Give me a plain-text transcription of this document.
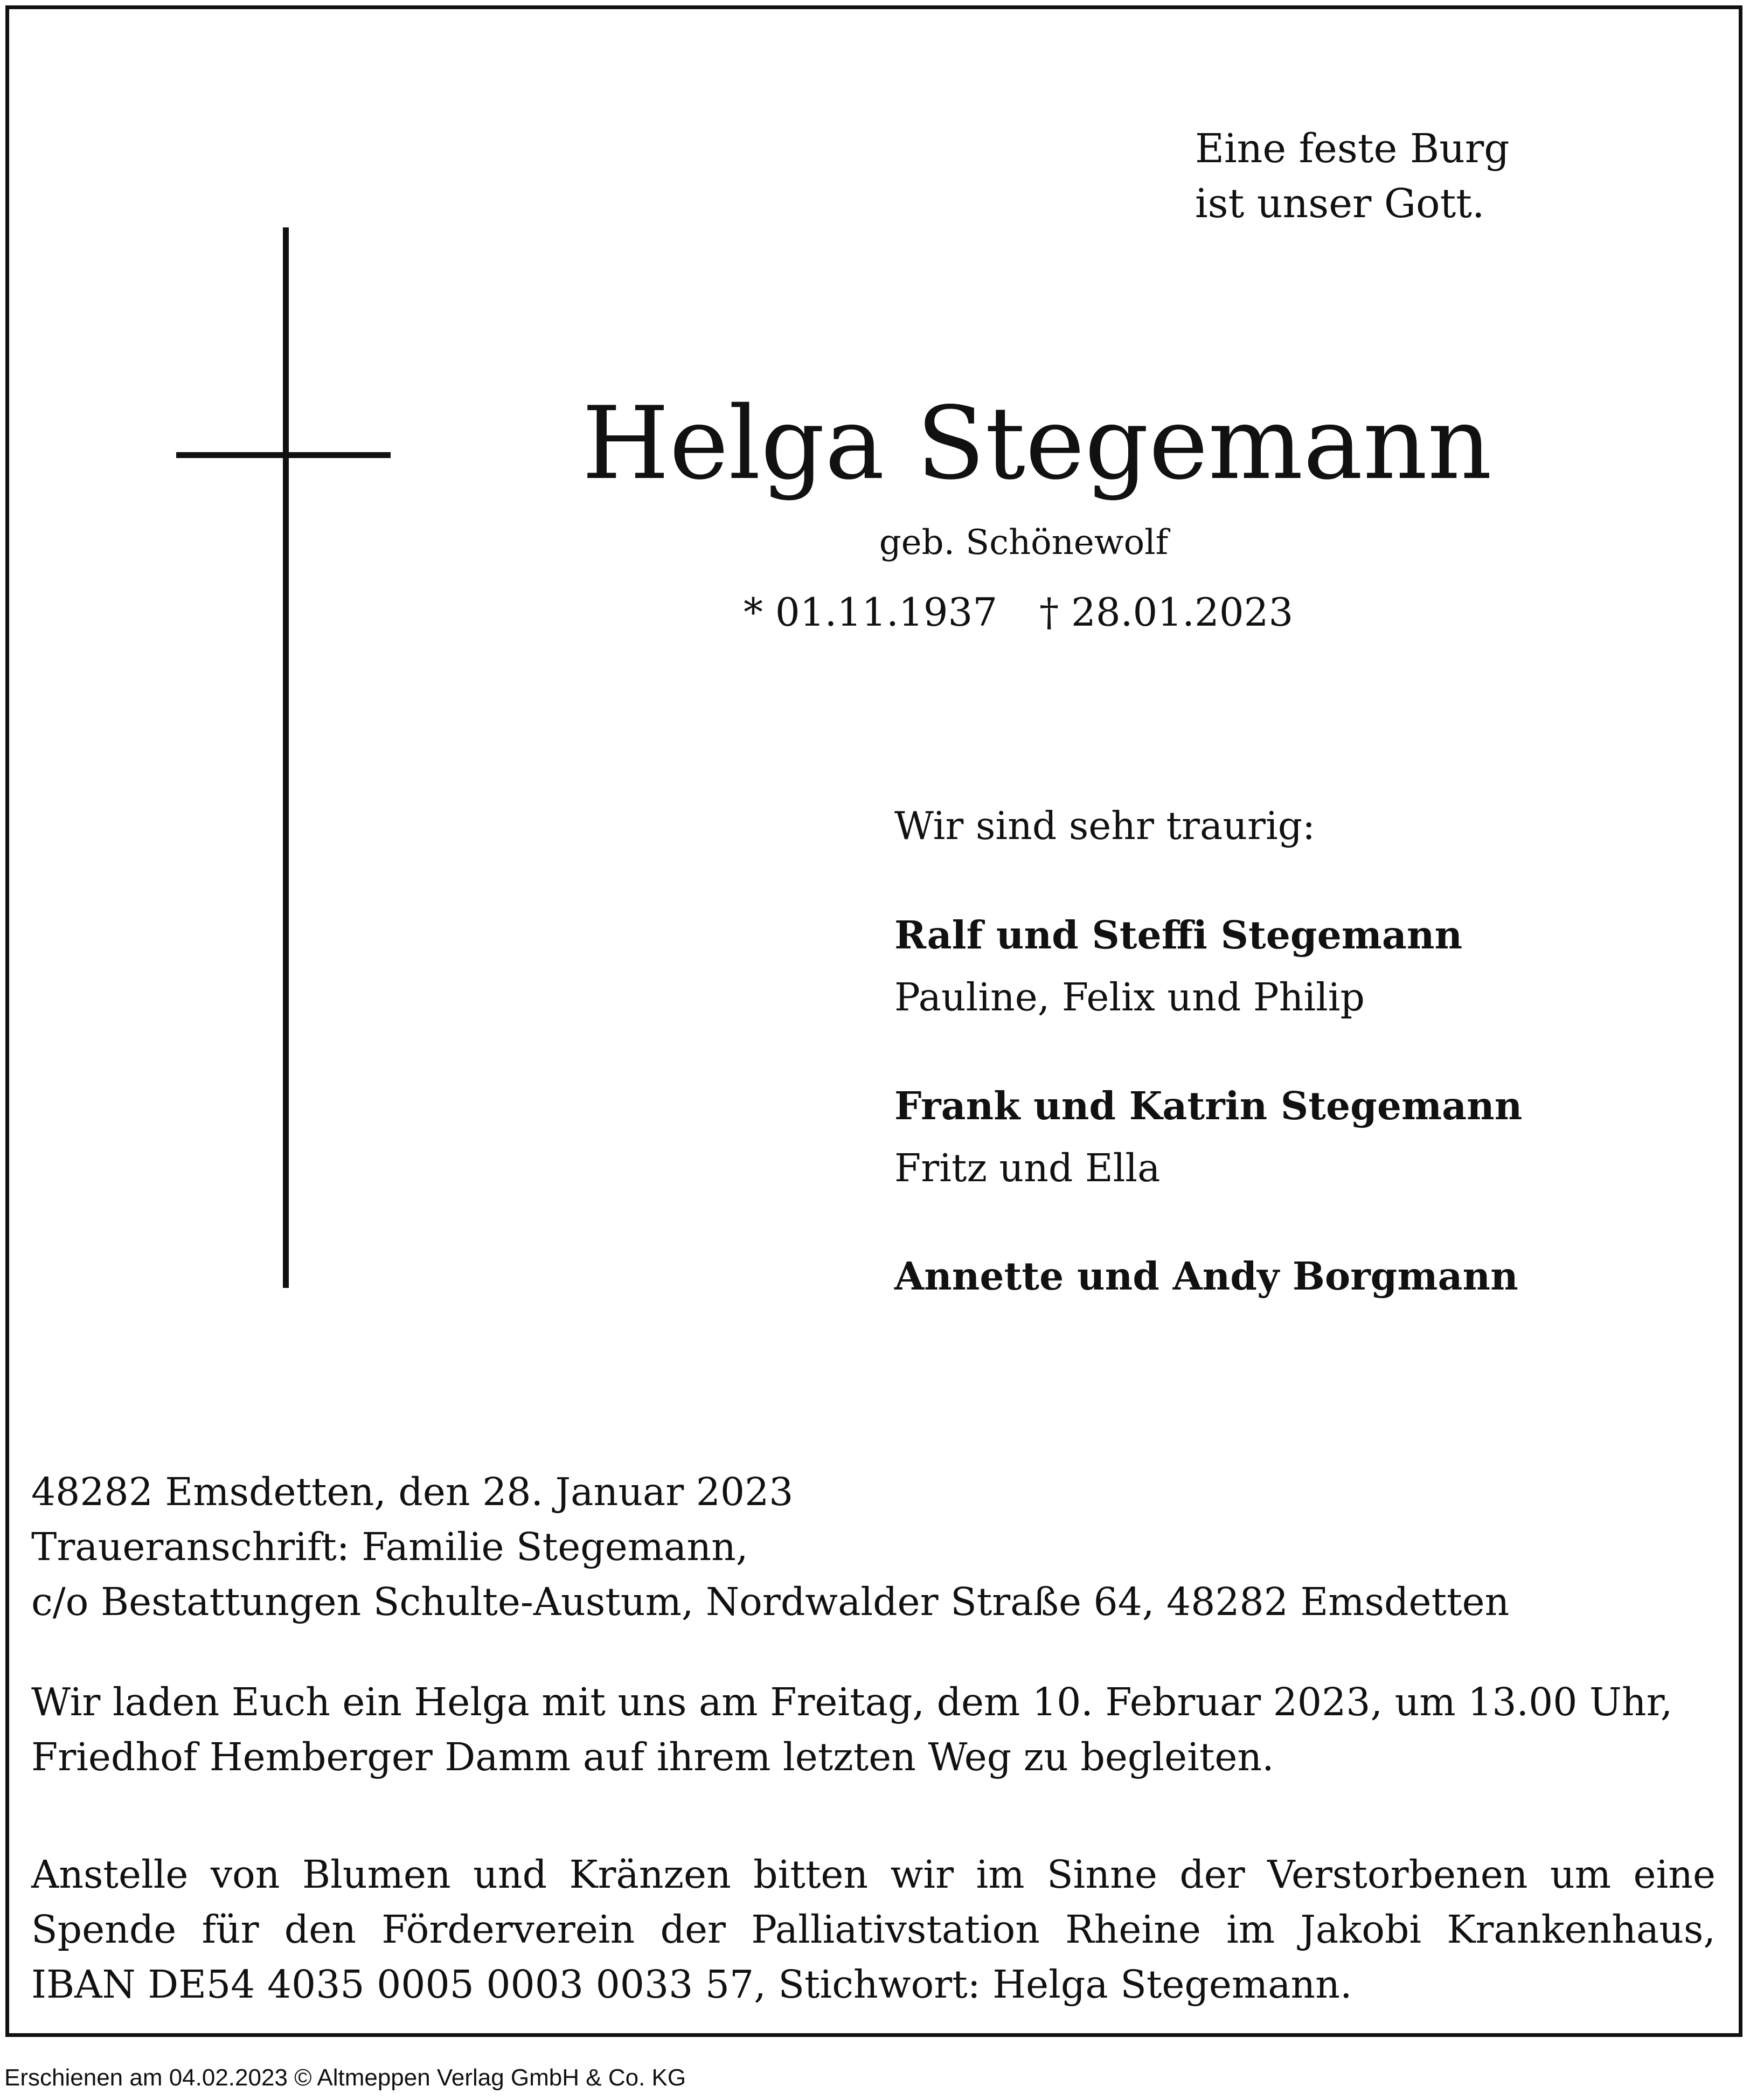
Eine feste Burg
ist unser Gott.
Helga Stegemann
geb. Schönewolf
* 01.11.1937 † 28.01.2023
Wir sind sehr traurig:
Ralf und Steffi Stegemann
Pauline, Felix und Philip
Frank und Katrin Stegemann
Fritz und Ella
Annette und Andy Borgmann
48282 Emsdetten, den 28. Januar 2023
Traueranschrift: Familie Stegemann,
c/o Bestattungen Schulte-Austum, Nordwalder Straße 64, 48282 Emsdetten
Wir laden Euch ein Helga mit uns am Freitag, dem 10. Februar 2023, um 13.00 Uhr,
Friedhof Hemberger Damm auf ihrem letzten Weg zu begleiten.
Anstelle von Blumen und Kränzen bitten wir im Sinne der Verstorbenen um eine
Spende für den Förderverein der Palliativstation Rheine im Jakobi Krankenhaus,
IBAN DE54 4035 0005 0003 0033 57, Stichwort: Helga Stegemann.
Erschienen am 04.02.2023 © Altmeppen Verlag GmbH & Co. KG
